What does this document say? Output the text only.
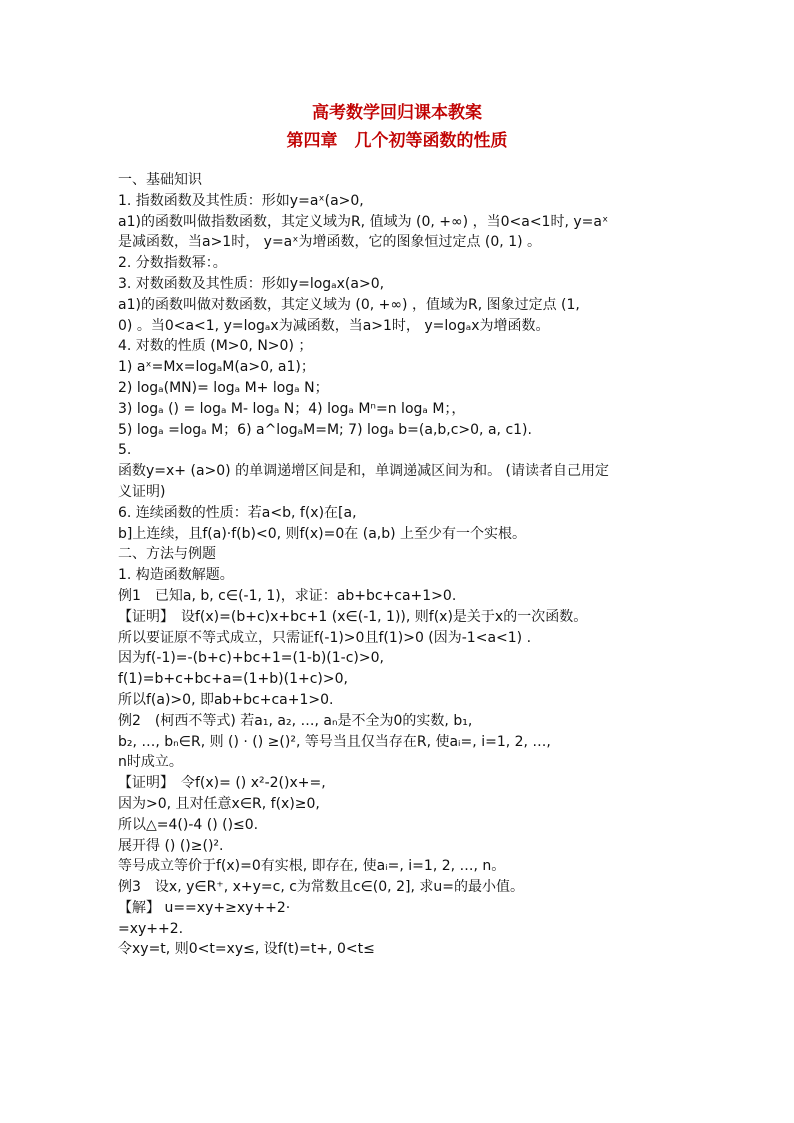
高考数学回归课本教案
第四章　几个初等函数的性质
一、基础知识
1. 指数函数及其性质：形如y=aˣ(a>0,
a1)的函数叫做指数函数，其定义域为R, 值域为 (0, +∞) ，当0<a<1时, y=aˣ
是减函数，当a>1时， y=aˣ为增函数，它的图象恒过定点 (0, 1) 。
2. 分数指数幂：。
3. 对数函数及其性质：形如y=logₐx(a>0,
a1)的函数叫做对数函数，其定义域为 (0, +∞) ，值域为R, 图象过定点 (1,
0) 。当0<a<1, y=logₐx为减函数，当a>1时， y=logₐx为增函数。
4. 对数的性质 (M>0, N>0) ；
1) aˣ=Mx=logₐM(a>0, a1)；
2) logₐ(MN)= logₐ M+ logₐ N；
3) logₐ () = logₐ M- logₐ N；4) logₐ Mⁿ=n logₐ M；，
5) logₐ =logₐ M；6) a^logₐM=M; 7) logₐ b=(a,b,c>0, a, c1).
5.
函数y=x+ (a>0) 的单调递增区间是和，单调递减区间为和。 (请读者自己用定
义证明)
6. 连续函数的性质：若a<b, f(x)在[a,
b]上连续，且f(a)·f(b)<0, 则f(x)=0在 (a,b) 上至少有一个实根。
二、方法与例题
1. 构造函数解题。
例1　已知a, b, c∈(-1, 1)，求证：ab+bc+ca+1>0.
【证明】　设f(x)=(b+c)x+bc+1 (x∈(-1, 1)), 则f(x)是关于x的一次函数。
所以要证原不等式成立，只需证f(-1)>0且f(1)>0 (因为-1<a<1) .
因为f(-1)=-(b+c)+bc+1=(1-b)(1-c)>0,
f(1)=b+c+bc+a=(1+b)(1+c)>0,
所以f(a)>0, 即ab+bc+ca+1>0.
例2　(柯西不等式) 若a₁, a₂, …, aₙ是不全为0的实数, b₁,
b₂, …, bₙ∈R, 则 () · () ≥()², 等号当且仅当存在R, 使aᵢ=, i=1, 2, …,
n时成立。
【证明】　令f(x)= () x²-2()x+=,
因为>0, 且对任意x∈R, f(x)≥0,
所以△=4()-4 () ()≤0.
展开得 () ()≥()².
等号成立等价于f(x)=0有实根, 即存在, 使aᵢ=, i=1, 2, …, n。
例3　设x, y∈R⁺, x+y=c, c为常数且c∈(0, 2], 求u=的最小值。
【解】 u==xy+≥xy++2·
=xy++2.
令xy=t, 则0<t=xy≤, 设f(t)=t+, 0<t≤
